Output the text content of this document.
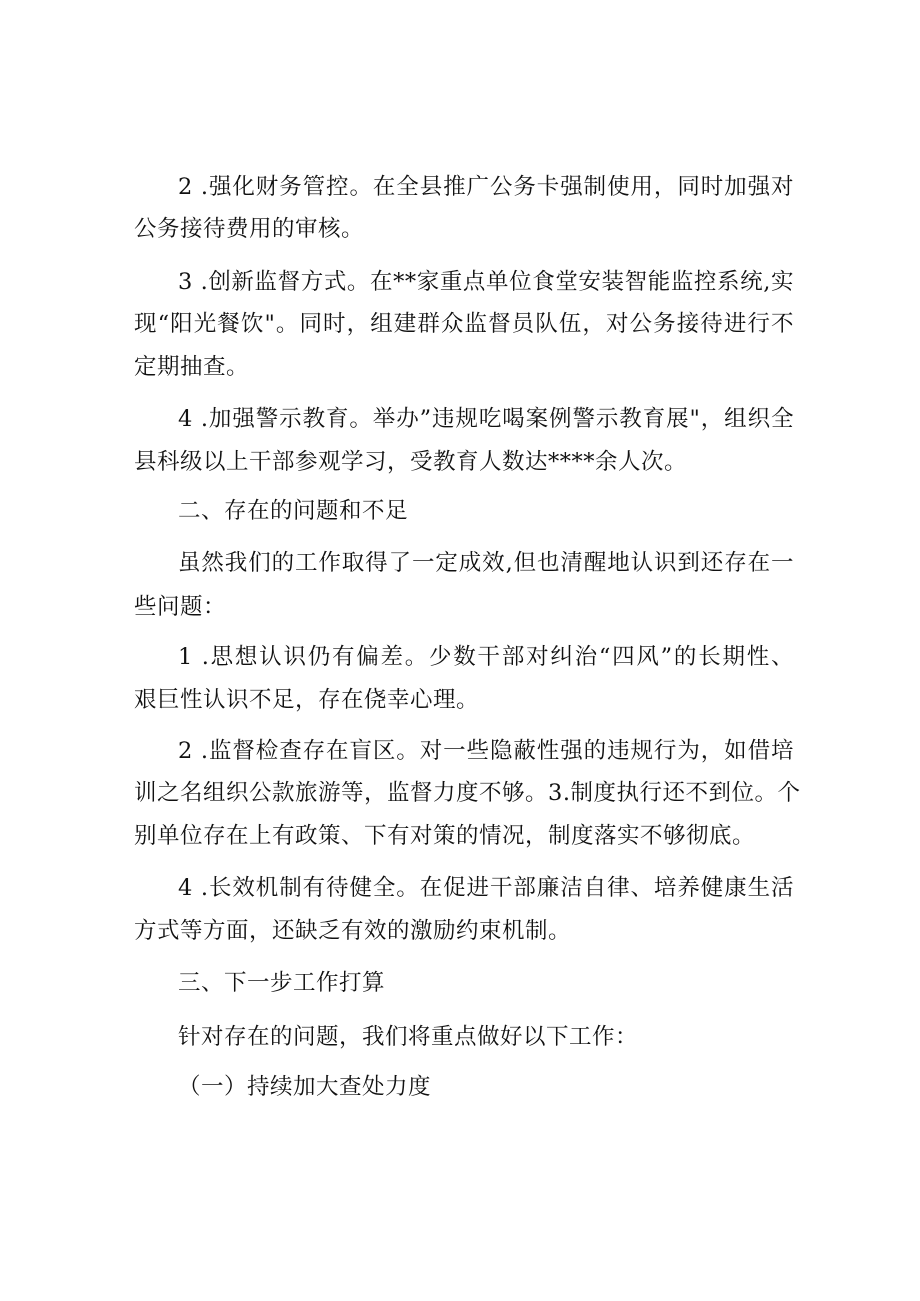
2 .强化财务管控。在全县推广公务卡强制使用，同时加强对
公务接待费用的审核。
3 .创新监督方式。在**家重点单位食堂安装智能监控系统,实
现“阳光餐饮"。同时，组建群众监督员队伍，对公务接待进行不
定期抽查。
4 .加强警示教育。举办”违规吃喝案例警示教育展"，组织全
县科级以上干部参观学习，受教育人数达****余人次。
二、存在的问题和不足
虽然我们的工作取得了一定成效,但也清醒地认识到还存在一
些问题：
1 .思想认识仍有偏差。少数干部对纠治“四风”的长期性、
艰巨性认识不足，存在侥幸心理。
2 .监督检查存在盲区。对一些隐蔽性强的违规行为，如借培
训之名组织公款旅游等，监督力度不够。3.制度执行还不到位。个
别单位存在上有政策、下有对策的情况，制度落实不够彻底。
4 .长效机制有待健全。在促进干部廉洁自律、培养健康生活
方式等方面，还缺乏有效的激励约束机制。
三、下一步工作打算
针对存在的问题，我们将重点做好以下工作：
（一）持续加大查处力度
